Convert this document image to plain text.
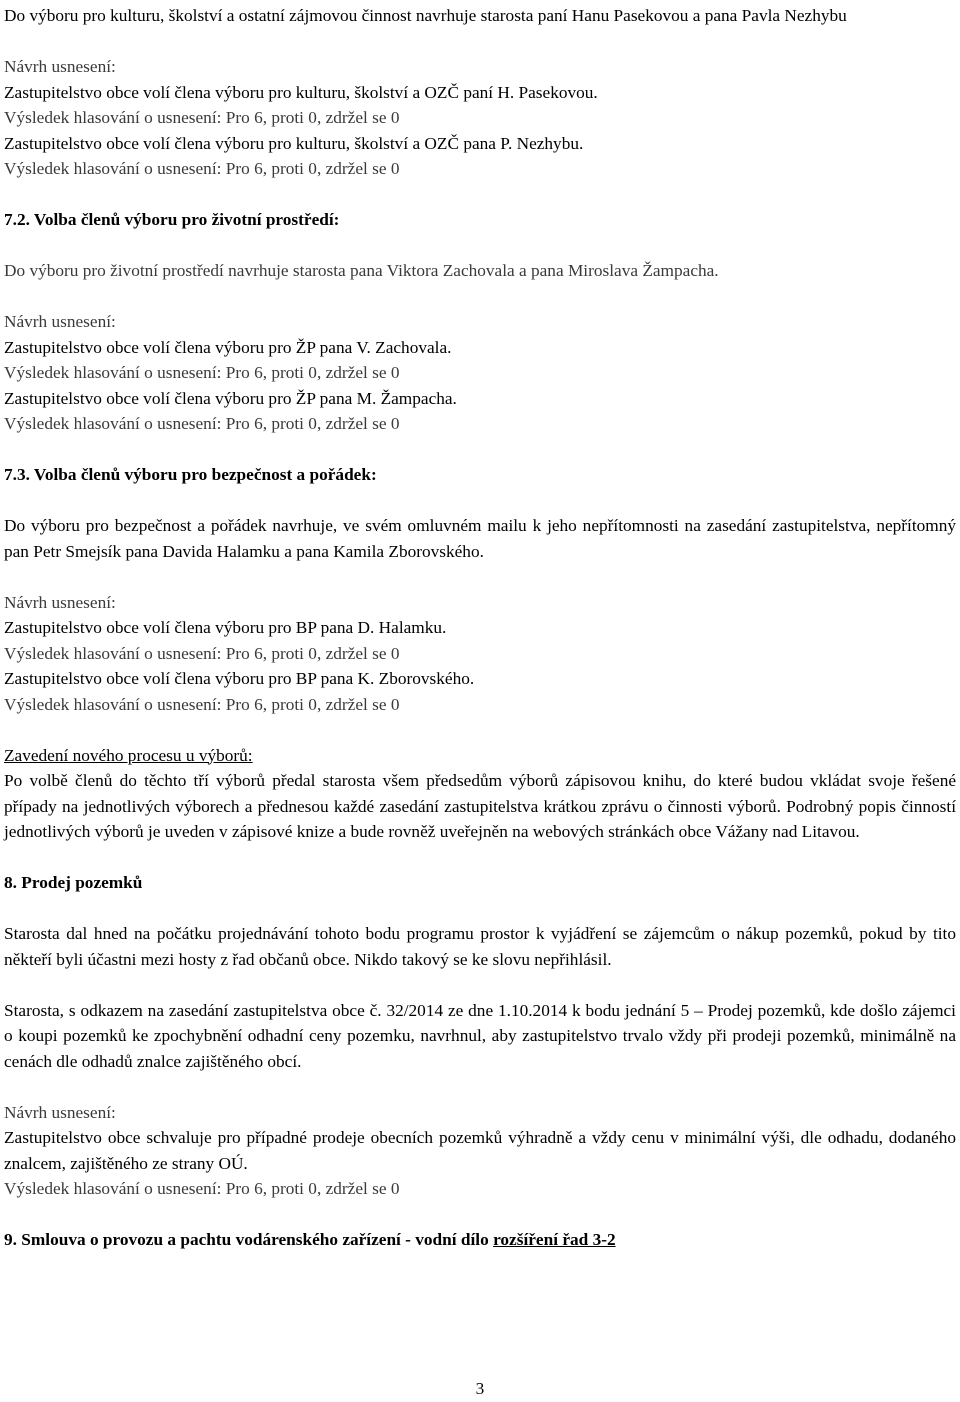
Do výboru pro kulturu, školství a ostatní zájmovou činnost navrhuje starosta paní Hanu Pasekovou a pana Pavla Nezhybu

Návrh usnesení:

Zastupitelstvo obce volí člena výboru pro kulturu, školství a OZČ paní H. Pasekovou.

Výsledek hlasování o usnesení: Pro 6, proti 0, zdržel se 0

Zastupitelstvo obce volí člena výboru pro kulturu, školství a OZČ pana P. Nezhybu.

Výsledek hlasování o usnesení: Pro 6, proti 0, zdržel se 0

7.2. Volba členů výboru pro životní prostředí:

Do výboru pro životní prostředí navrhuje starosta pana Viktora Zachovala a pana Miroslava Žampacha.

Návrh usnesení:

Zastupitelstvo obce volí člena výboru pro ŽP pana V. Zachovala.

Výsledek hlasování o usnesení: Pro 6, proti 0, zdržel se 0

Zastupitelstvo obce volí člena výboru pro ŽP pana M. Žampacha.

Výsledek hlasování o usnesení: Pro 6, proti 0, zdržel se 0

7.3. Volba členů výboru pro bezpečnost a pořádek:

Do výboru pro bezpečnost a pořádek navrhuje, ve svém omluvném mailu k jeho nepřítomnosti na zasedání zastupitelstva, nepřítomný pan Petr Smejsík pana Davida Halamku a pana Kamila Zborovského.

Návrh usnesení:

Zastupitelstvo obce volí člena výboru pro BP pana D. Halamku.

Výsledek hlasování o usnesení: Pro 6, proti 0, zdržel se 0

Zastupitelstvo obce volí člena výboru pro BP pana K. Zborovského.

Výsledek hlasování o usnesení: Pro 6, proti 0, zdržel se 0

Zavedení nového procesu u výborů:

Po volbě členů do těchto tří výborů předal starosta všem předsedům výborů zápisovou knihu, do které budou vkládat svoje řešené případy na jednotlivých výborech a přednesou každé zasedání zastupitelstva krátkou zprávu o činnosti výborů. Podrobný popis činností jednotlivých výborů je uveden v zápisové knize a bude rovněž uveřejněn na webových stránkách obce Vážany nad Litavou.

8. Prodej pozemků

Starosta dal hned na počátku projednávání tohoto bodu programu prostor k vyjádření se zájemcům o nákup pozemků, pokud by tito někteří byli účastni mezi hosty z řad občanů obce. Nikdo takový se ke slovu nepřihlásil.

Starosta, s odkazem na zasedání zastupitelstva obce č. 32/2014 ze dne 1.10.2014 k bodu jednání 5 – Prodej pozemků, kde došlo zájemci o koupi pozemků ke zpochybnění odhadní ceny pozemku, navrhnul, aby zastupitelstvo trvalo vždy při prodeji pozemků, minimálně na cenách dle odhadů znalce zajištěného obcí.

Návrh usnesení:

Zastupitelstvo obce schvaluje pro případné prodeje obecních pozemků výhradně a vždy cenu v minimální výši, dle odhadu, dodaného znalcem, zajištěného ze strany OÚ.

Výsledek hlasování o usnesení: Pro 6, proti 0, zdržel se 0

9. Smlouva o provozu a pachtu vodárenského zařízení - vodní dílo rozšíření řad 3-2

3
